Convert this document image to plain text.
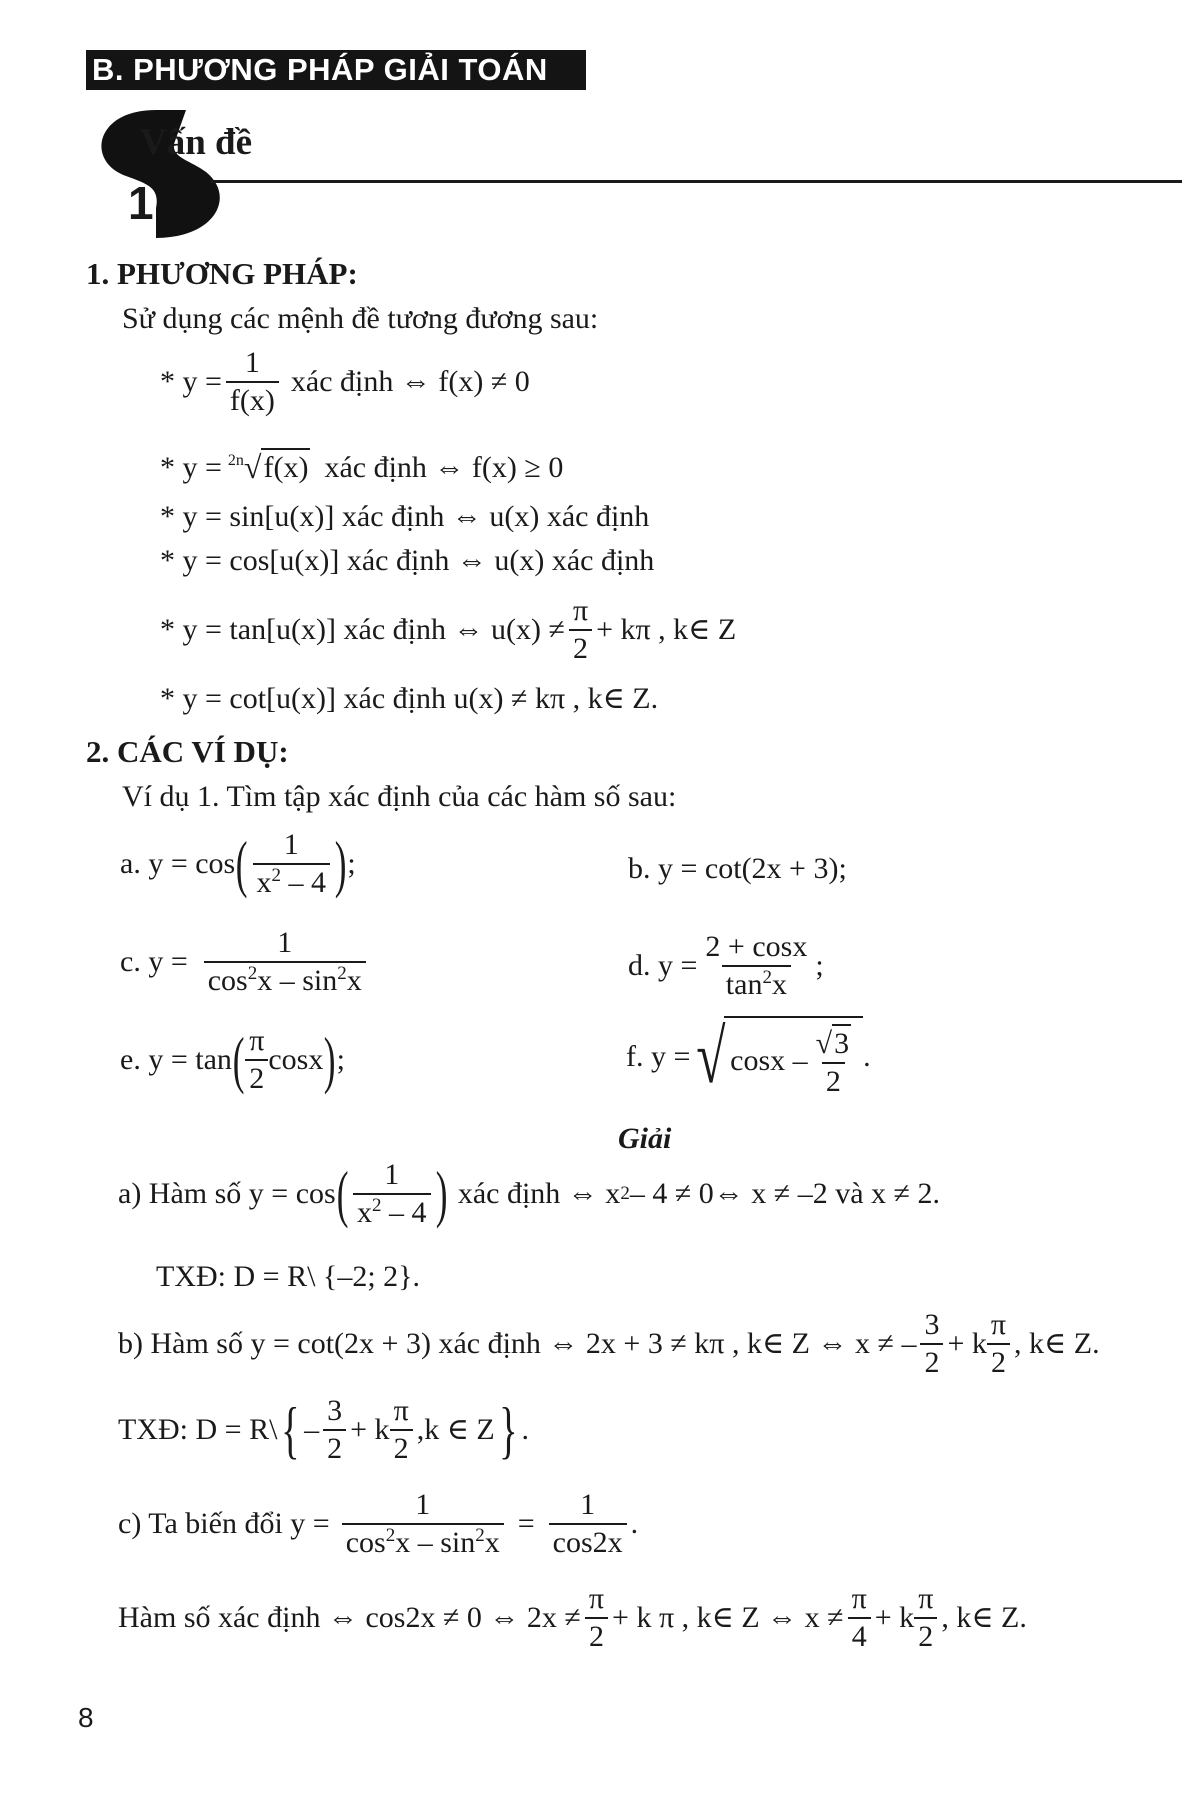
B. PHƯƠNG PHÁP GIẢI TOÁN
Vấn đề
1
1. PHƯƠNG PHÁP:
Sử dụng các mệnh đề tương đương sau:
* $y = \frac{1}{f(x)}$ xác định ⇔ f(x) ≠ 0
* y = 2n √ f(x) xác định ⇔ f(x) ≥ 0
* y = sin[u(x)] xác định ⇔ u(x) xác định
* y = cos[u(x)] xác định ⇔ u(x) xác định
* y = tan[u(x)] xác định ⇔ $u(x) \ne \frac{\pi}{2} + k\pi$ , k∈ Z
* y = cot[u(x)] xác định u(x) ≠ kπ , k∈ Z.
2. CÁC VÍ DỤ:
Ví dụ 1. Tìm tập xác định của các hàm số sau:
a. y = cos ( $\frac{1}{x^2 - 4}$ ) ;	b. y = cot(2x + 3);
c. $y = \frac{1}{\cos^2x - \sin^2x}$	d. $y = \frac{2 + \cos x}{\tan^2x}$ ;
e. y = tan ( $\frac{\pi}{2}$ cosx ) ;	f. y = √ cosx – $\frac{√3}{2}$ .
Giải
a) Hàm số y = cos ( $\frac{1}{x^2 - 4}$ ) xác định ⇔ x 2 – 4 ≠ 0⇔ x ≠ –2 và x ≠ 2.
TXĐ: D = R\ {–2; 2}.
b) Hàm số y = cot(2x + 3) xác định ⇔ 2x + 3 ≠ kπ , k∈ Z ⇔ x ≠ – $\frac{3}{2} + k \frac{\pi}{2}$ , k∈ Z.
TXĐ: D = R\ { – $\frac{3}{2} + k \frac{\pi}{2} ,k$ ∈ Z } .
c) Ta biến đổi $y = \frac{1}{\cos^2x - \sin^2x} = \frac{1}{\cos 2x}$ .
Hàm số xác định ⇔ cos2x ≠ 0 ⇔ $2x \ne \frac{\pi}{2} + k$ π , k∈ Z ⇔ $x \ne \frac{\pi}{4} + k \frac{\pi}{2}$ , k∈ Z.
8
